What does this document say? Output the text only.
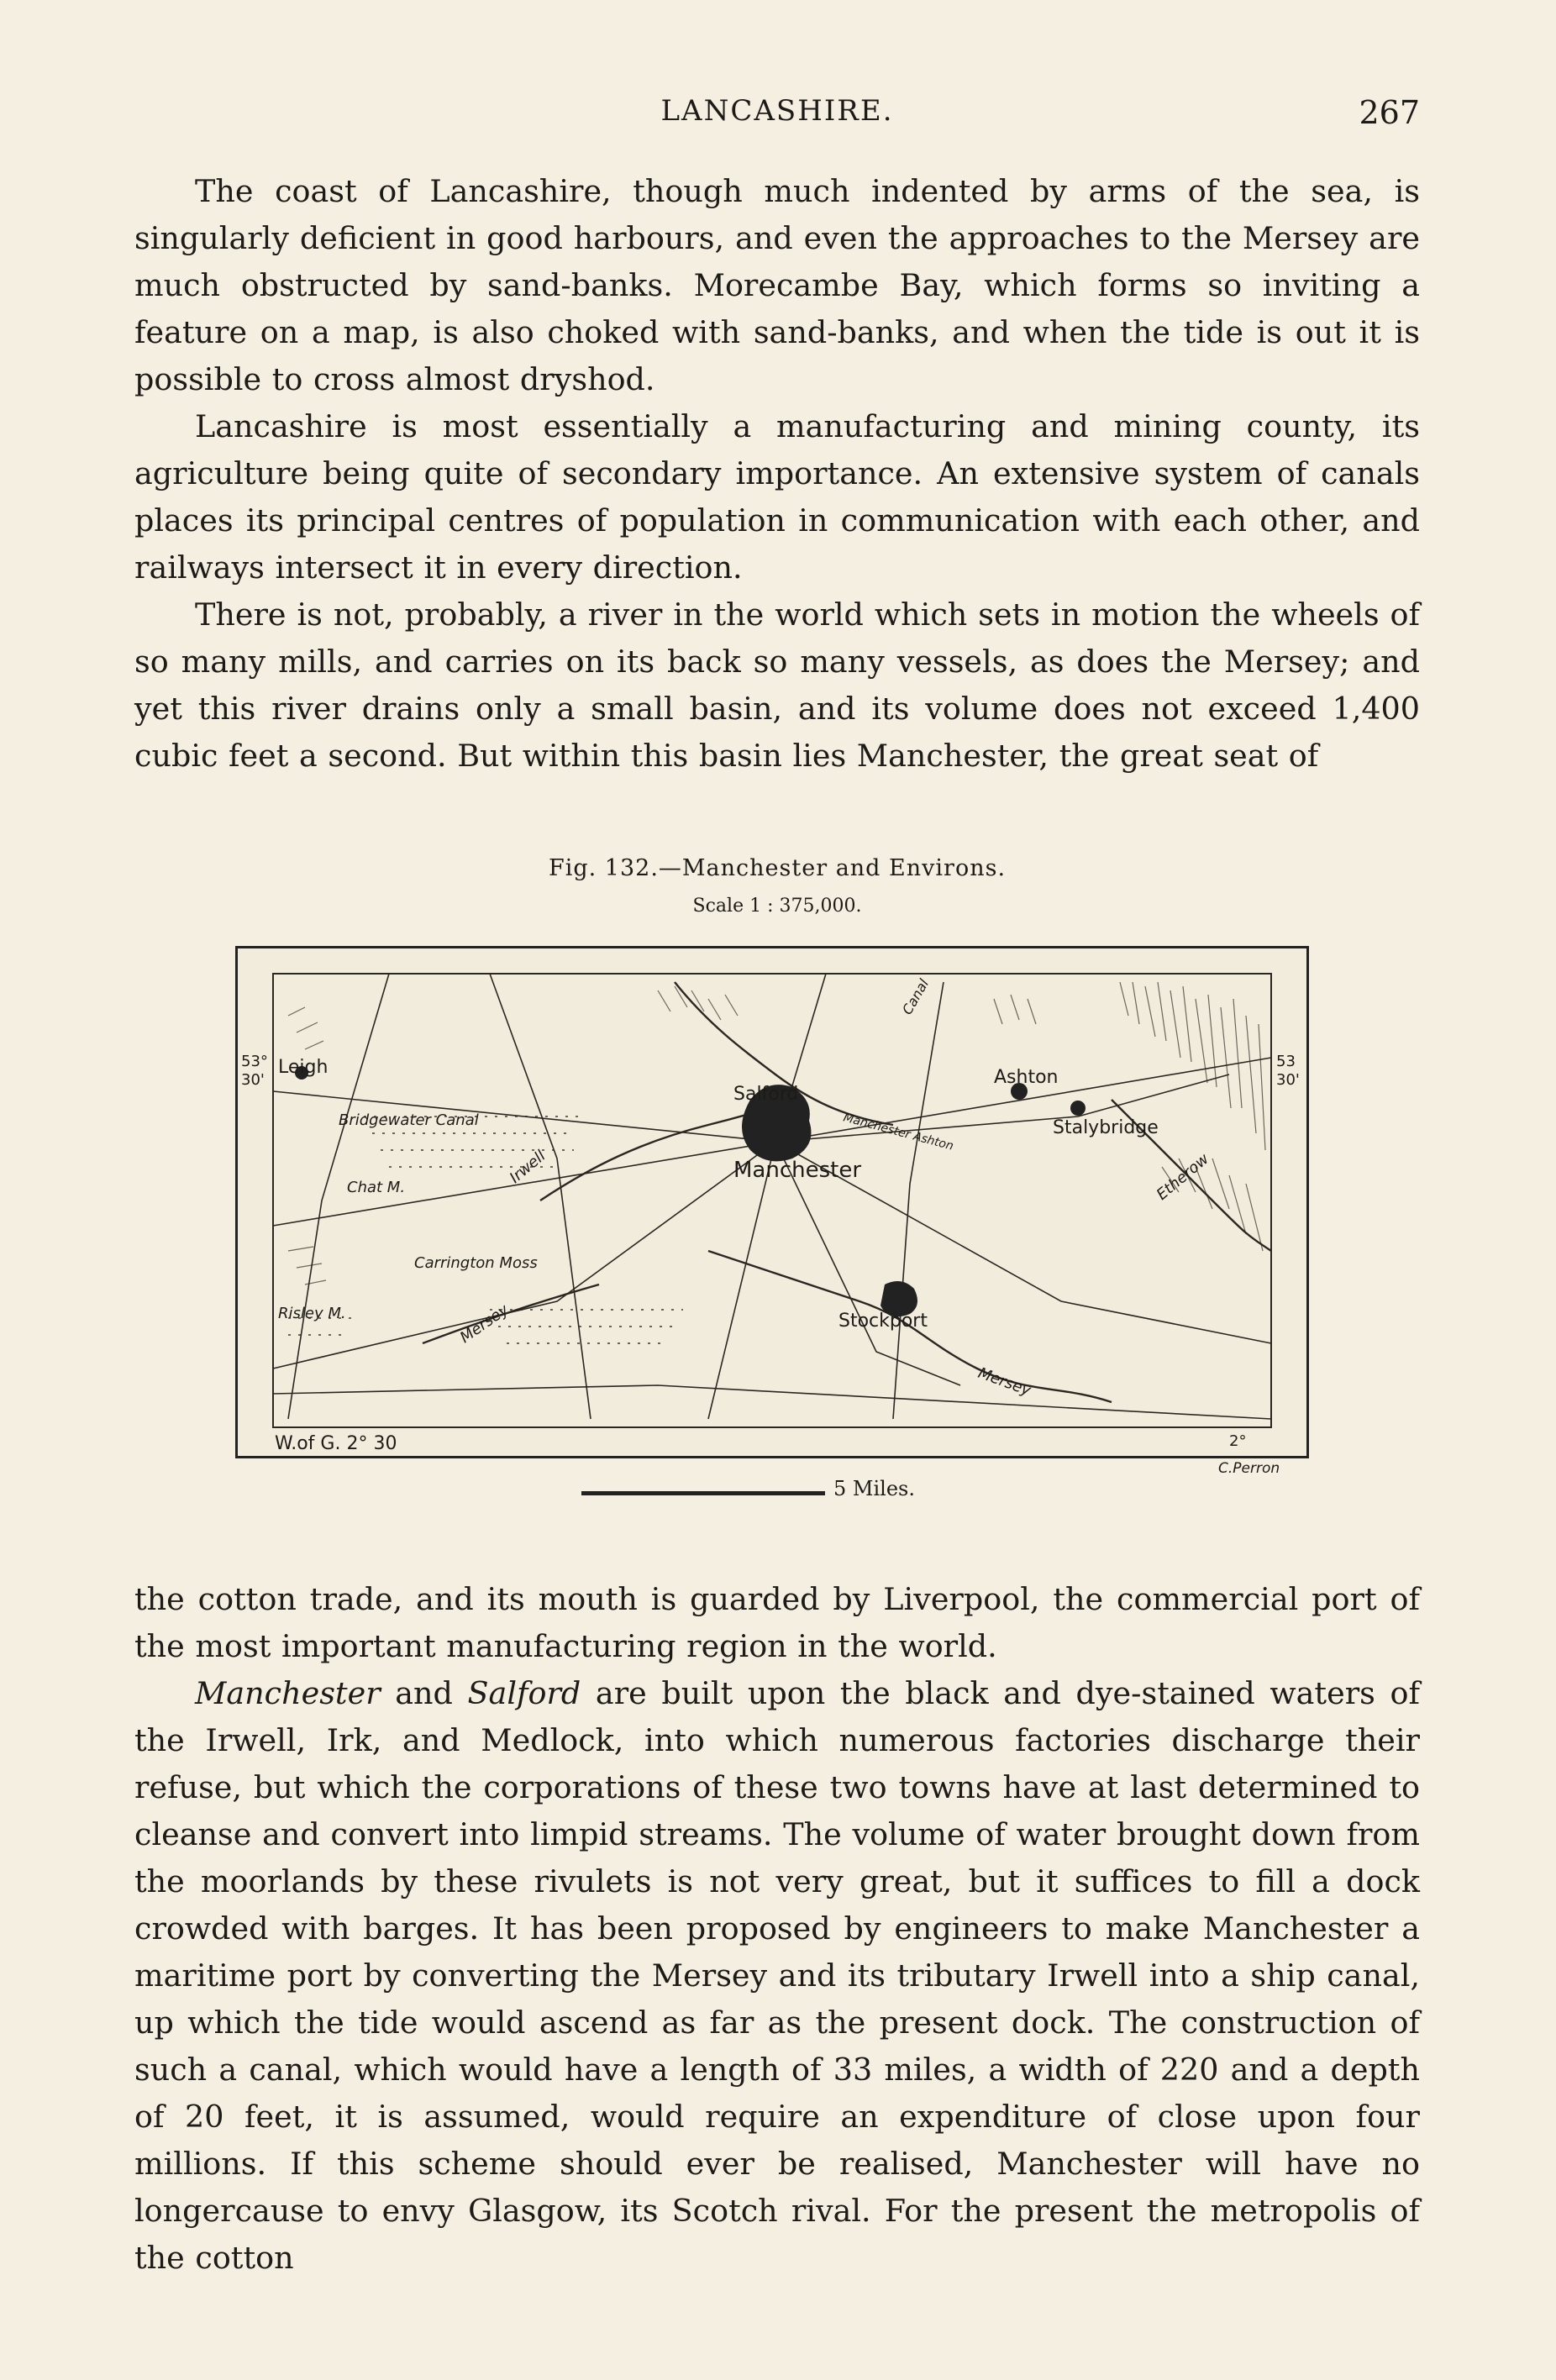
LANCASHIRE.	267

The coast of Lancashire, though much indented by arms of the sea, is singularly deficient in good harbours, and even the approaches to the Mersey are much obstructed by sand-banks. Morecambe Bay, which forms so inviting a feature on a map, is also choked with sand-banks, and when the tide is out it is possible to cross almost dryshod.

Lancashire is most essentially a manufacturing and mining county, its agriculture being quite of secondary importance. An extensive system of canals places its principal centres of population in communication with each other, and railways intersect it in every direction.

There is not, probably, a river in the world which sets in motion the wheels of so many mills, and carries on its back so many vessels, as does the Mersey; and yet this river drains only a small basin, and its volume does not exceed 1,400 cubic feet a second. But within this basin lies Manchester, the great seat of

Fig. 132.—Manchester and Environs.
Scale 1 : 375,000.
Leigh
Salford
Manchester
Ashton
Stalybridge
Stockport
Carrington Moss
Risley M.
Chat M.
Bridgewater Canal
Irwell
Mersey
Mersey
Etherow
Manchester Ashton
Canal
53°
30'
53
30'
W.of G. 2° 30	2°
C.Perron
5 Miles.

the cotton trade, and its mouth is guarded by Liverpool, the commercial port of the most important manufacturing region in the world.

Manchester and Salford are built upon the black and dye-stained waters of the Irwell, Irk, and Medlock, into which numerous factories discharge their refuse, but which the corporations of these two towns have at last determined to cleanse and convert into limpid streams. The volume of water brought down from the moorlands by these rivulets is not very great, but it suffices to fill a dock crowded with barges. It has been proposed by engineers to make Manchester a maritime port by converting the Mersey and its tributary Irwell into a ship canal, up which the tide would ascend as far as the present dock. The construction of such a canal, which would have a length of 33 miles, a width of 220 and a depth of 20 feet, it is assumed, would require an expenditure of close upon four millions. If this scheme should ever be realised, Manchester will have no longercause to envy Glasgow, its Scotch rival. For the present the metropolis of the cotton
